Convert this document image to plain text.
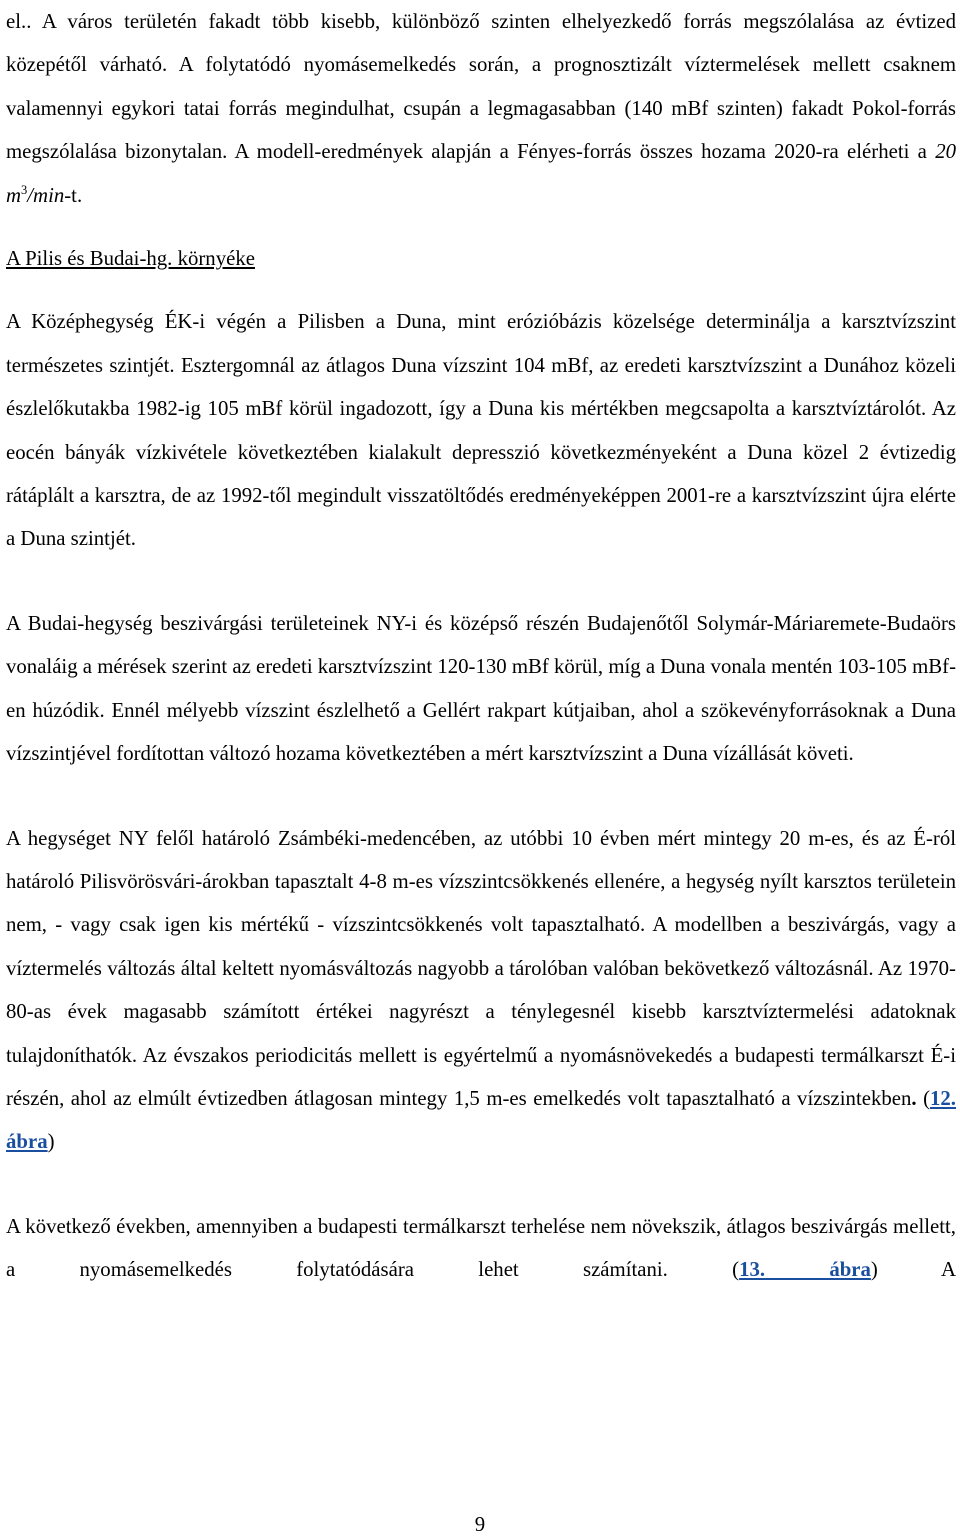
el.. A város területén fakadt több kisebb, különböző szinten elhelyezkedő forrás megszólalása az évtized közepétől várható. A folytatódó nyomásemelkedés során, a prognosztizált víztermelések mellett csaknem valamennyi egykori tatai forrás megindulhat, csupán a legmagasabban (140 mBf szinten) fakadt Pokol-forrás megszólalása bizonytalan. A modell-eredmények alapján a Fényes-forrás összes hozama 2020-ra elérheti a 20 $m^3/\min-t$.

A Pilis és Budai-hg. környéke

A Középhegység ÉK-i végén a Pilisben a Duna, mint erózióbázis közelsége determinálja a karsztvízszint természetes szintjét. Esztergomnál az átlagos Duna vízszint 104 mBf, az eredeti karsztvízszint a Dunához közeli észlelőkutakba 1982-ig 105 mBf körül ingadozott, így a Duna kis mértékben megcsapolta a karsztvíztárolót. Az eocén bányák vízkivétele következtében kialakult depresszió következményeként a Duna közel 2 évtizedig rátáplált a karsztra, de az 1992-től megindult visszatöltődés eredményeképpen 2001-re a karsztvízszint újra elérte a Duna szintjét.

A Budai-hegység beszivárgási területeinek NY-i és középső részén Budajenőtől Solymár-Máriaremete-Budaörs vonaláig a mérések szerint az eredeti karsztvízszint 120-130 mBf körül, míg a Duna vonala mentén 103-105 mBf-en húzódik. Ennél mélyebb vízszint észlelhető a Gellért rakpart kútjaiban, ahol a szökevényforrásoknak a Duna vízszintjével fordítottan változó hozama következtében a mért karsztvízszint a Duna vízállását követi.

A hegységet NY felől határoló Zsámbéki-medencében, az utóbbi 10 évben mért mintegy 20 m-es, és az É-ról határoló Pilisvörösvári-árokban tapasztalt 4-8 m-es vízszintcsökkenés ellenére, a hegység nyílt karsztos területein nem, - vagy csak igen kis mértékű - vízszintcsökkenés volt tapasztalható. A modellben a beszivárgás, vagy a víztermelés változás által keltett nyomásváltozás nagyobb a tárolóban valóban bekövetkező változásnál. Az 1970-80-as évek magasabb számított értékei nagyrészt a ténylegesnél kisebb karsztvíztermelési adatoknak tulajdoníthatók. Az évszakos periodicitás mellett is egyértelmű a nyomásnövekedés a budapesti termálkarszt É-i részén, ahol az elmúlt évtizedben átlagosan mintegy 1,5 m-es emelkedés volt tapasztalható a vízszintekben. (12. ábra)

A következő években, amennyiben a budapesti termálkarszt terhelése nem növekszik, átlagos beszivárgás mellett, a nyomásemelkedés folytatódására lehet számítani. (13. ábra) A

9
